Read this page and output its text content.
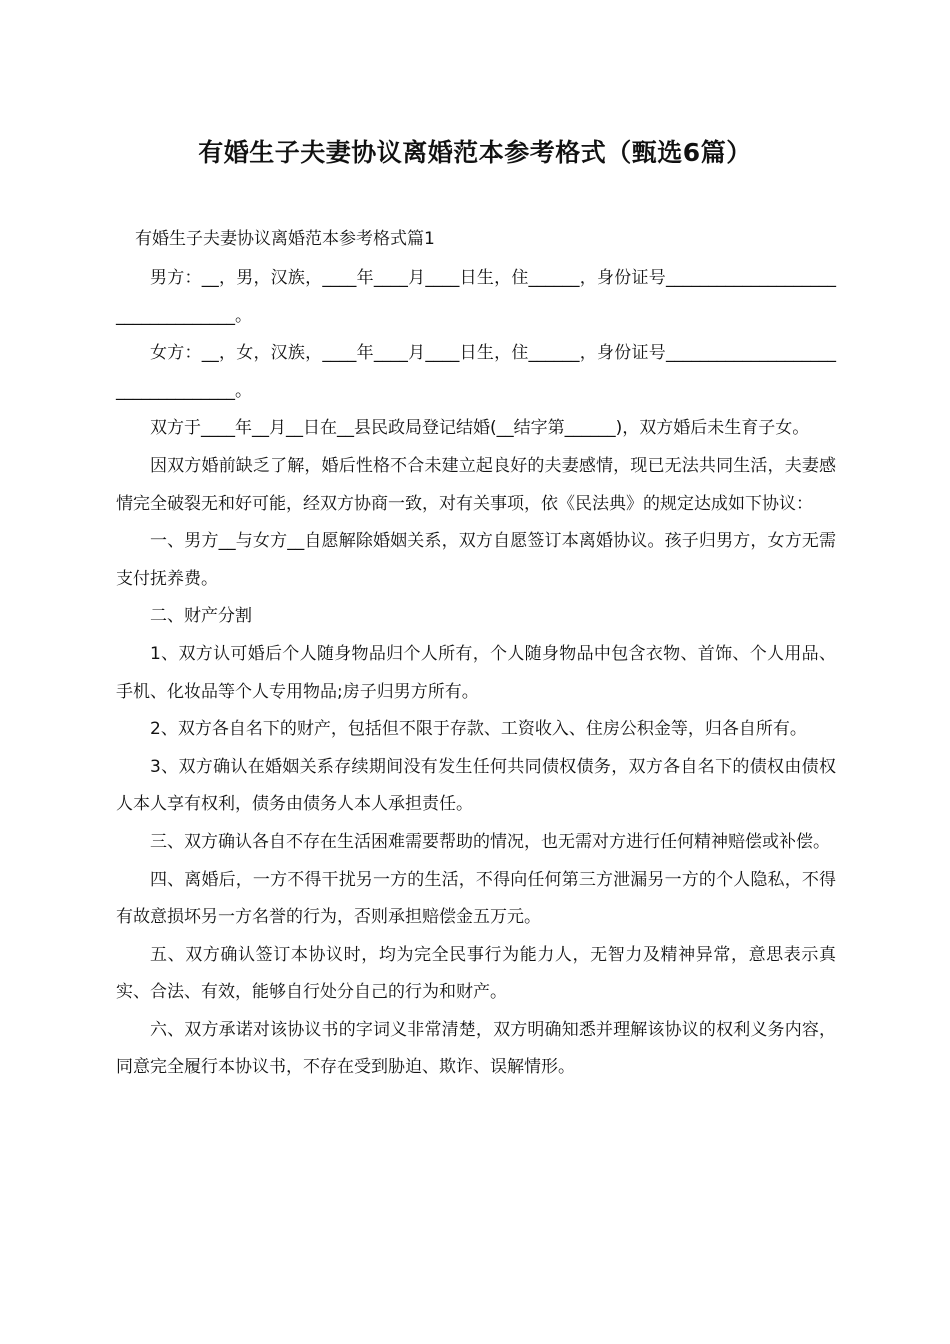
有婚生子夫妻协议离婚范本参考格式（甄选6篇）
有婚生子夫妻协议离婚范本参考格式篇1

男方：__，男，汉族，____年____月____日生，住______，身份证号__________________________________。

女方：__，女，汉族，____年____月____日生，住______，身份证号__________________________________。

双方于____年__月__日在__县民政局登记结婚(__结字第______)，双方婚后未生育子女。

因双方婚前缺乏了解，婚后性格不合未建立起良好的夫妻感情，现已无法共同生活，夫妻感情完全破裂无和好可能，经双方协商一致，对有关事项，依《民法典》的规定达成如下协议：

一、男方__与女方__自愿解除婚姻关系，双方自愿签订本离婚协议。孩子归男方，女方无需支付抚养费。

二、财产分割

1、双方认可婚后个人随身物品归个人所有，个人随身物品中包含衣物、首饰、个人用品、手机、化妆品等个人专用物品;房子归男方所有。

2、双方各自名下的财产，包括但不限于存款、工资收入、住房公积金等，归各自所有。

3、双方确认在婚姻关系存续期间没有发生任何共同债权债务，双方各自名下的债权由债权人本人享有权利，债务由债务人本人承担责任。

三、双方确认各自不存在生活困难需要帮助的情况，也无需对方进行任何精神赔偿或补偿。

四、离婚后，一方不得干扰另一方的生活，不得向任何第三方泄漏另一方的个人隐私，不得有故意损坏另一方名誉的行为，否则承担赔偿金五万元。

五、双方确认签订本协议时，均为完全民事行为能力人，无智力及精神异常，意思表示真实、合法、有效，能够自行处分自己的行为和财产。

六、双方承诺对该协议书的字词义非常清楚，双方明确知悉并理解该协议的权利义务内容，同意完全履行本协议书，不存在受到胁迫、欺诈、误解情形。
